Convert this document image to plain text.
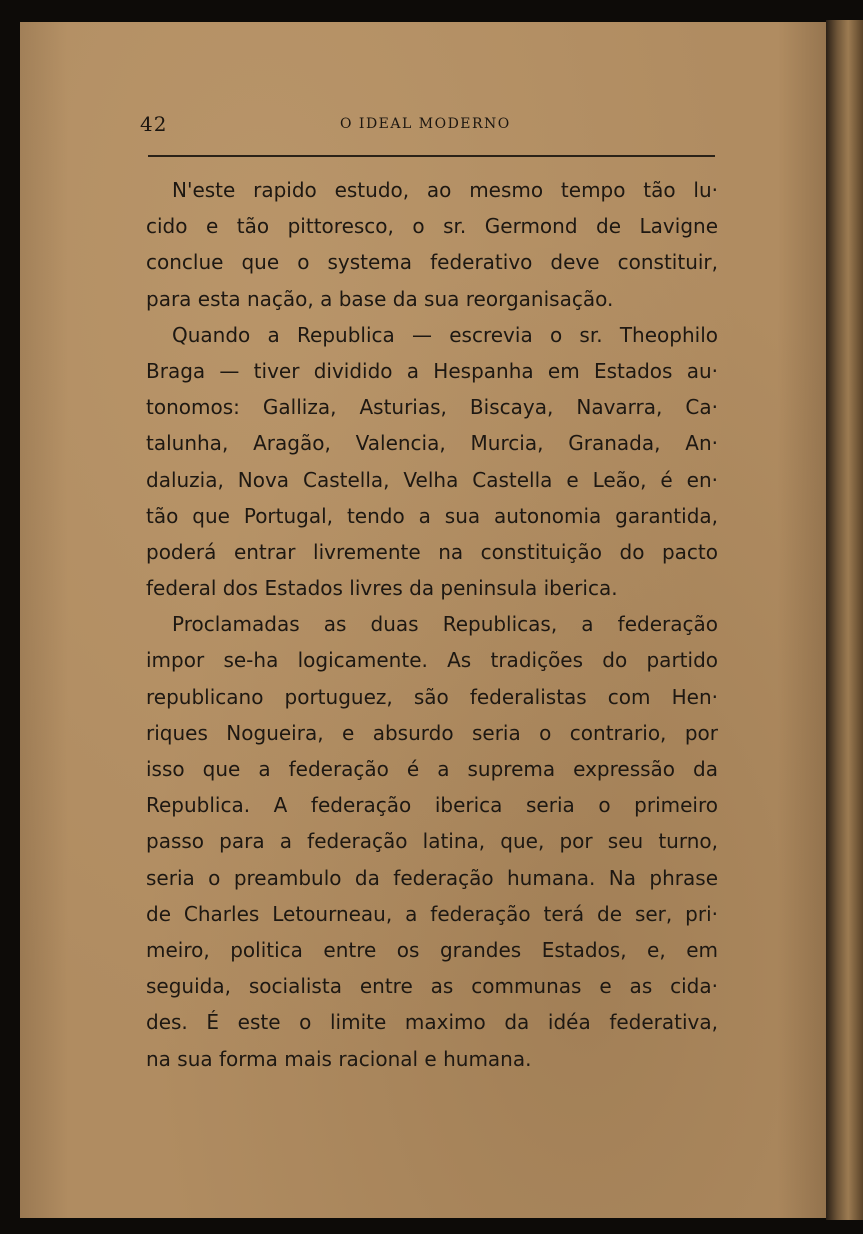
42	O IDEAL MODERNO
N'este rapido estudo, ao mesmo tempo tão lu·
cido e tão pittoresco, o sr. Germond de Lavigne
conclue que o systema federativo deve constituir,
para esta nação, a base da sua reorganisação.
Quando a Republica — escrevia o sr. Theophilo
Braga — tiver dividido a Hespanha em Estados au·
tonomos: Galliza, Asturias, Biscaya, Navarra, Ca·
talunha, Aragão, Valencia, Murcia, Granada, An·
daluzia, Nova Castella, Velha Castella e Leão, é en·
tão que Portugal, tendo a sua autonomia garantida,
poderá entrar livremente na constituição do pacto
federal dos Estados livres da peninsula iberica.
Proclamadas as duas Republicas, a federação
impor se-ha logicamente. As tradições do partido
republicano portuguez, são federalistas com Hen·
riques Nogueira, e absurdo seria o contrario, por
isso que a federação é a suprema expressão da
Republica. A federação iberica seria o primeiro
passo para a federação latina, que, por seu turno,
seria o preambulo da federação humana. Na phrase
de Charles Letourneau, a federação terá de ser, pri·
meiro, politica entre os grandes Estados, e, em
seguida, socialista entre as communas e as cida·
des. É este o limite maximo da idéa federativa,
na sua forma mais racional e humana.
